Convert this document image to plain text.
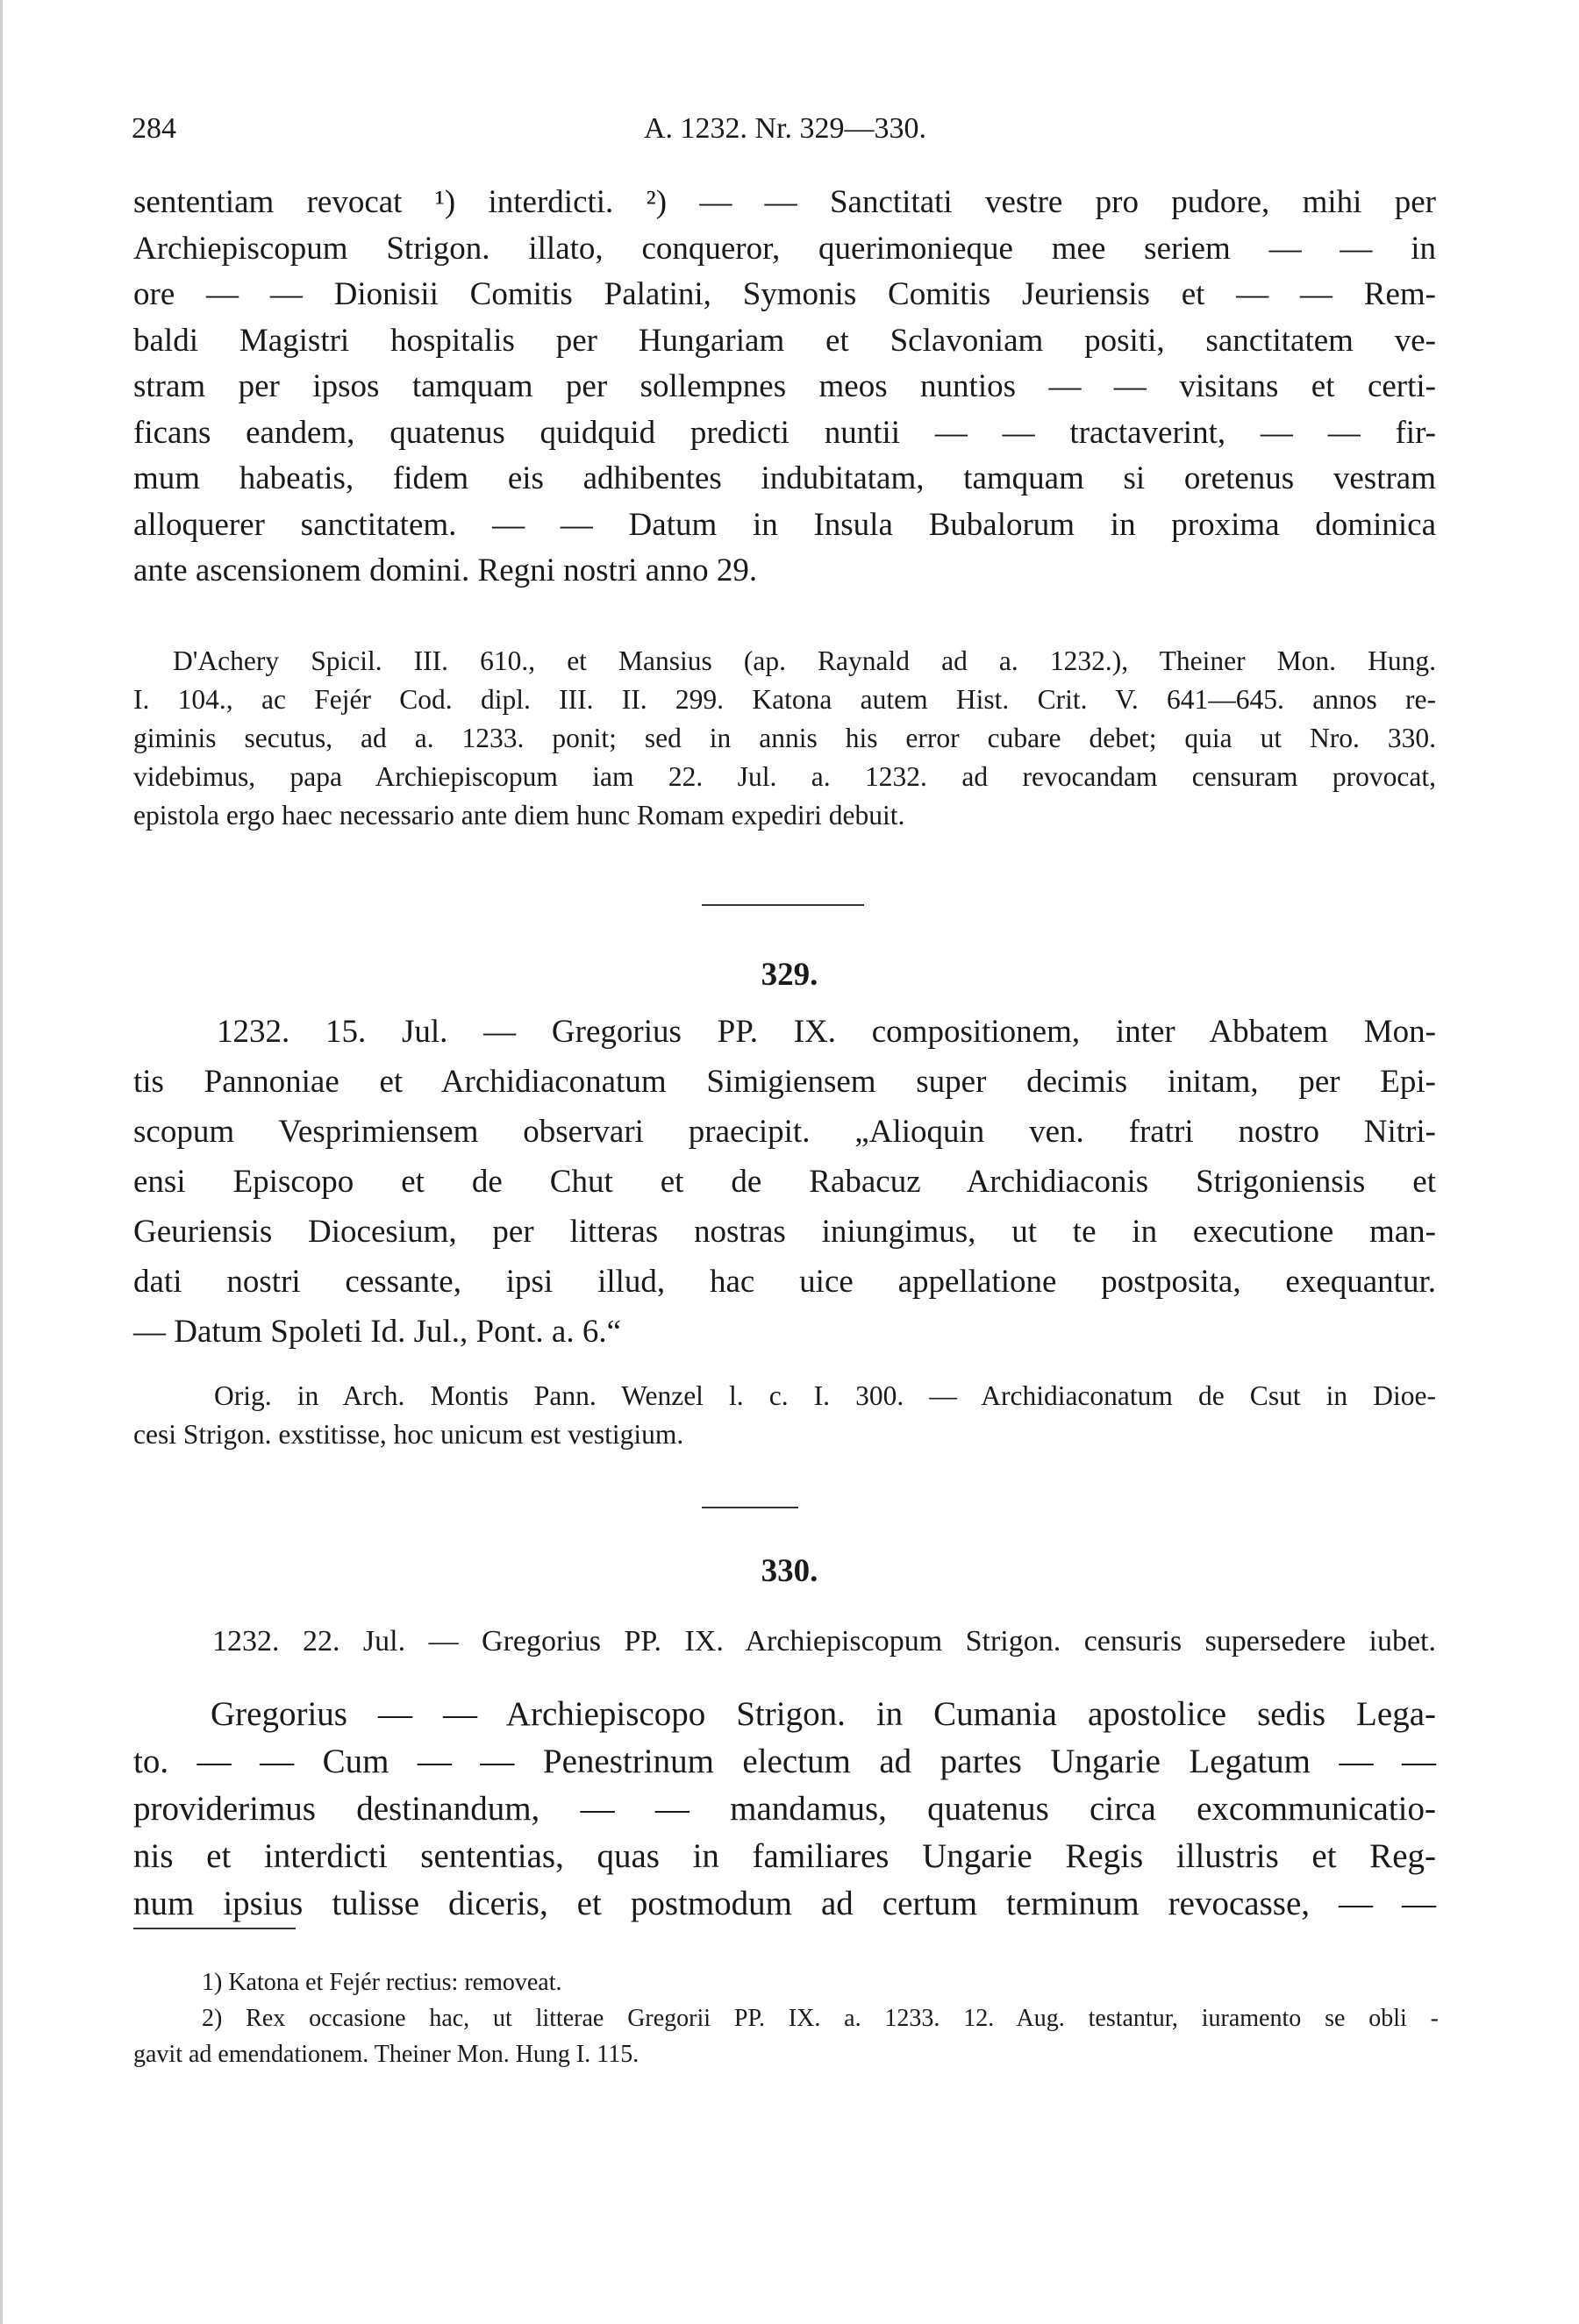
284	A. 1232. Nr. 329—330.
sententiam revocat ¹) interdicti. ²) — — Sanctitati vestre pro pudore, mihi per
Archiepiscopum Strigon. illato, conqueror, querimonieque mee seriem — — in
ore — — Dionisii Comitis Palatini, Symonis Comitis Jeuriensis et — — Rem-
baldi Magistri hospitalis per Hungariam et Sclavoniam positi, sanctitatem ve-
stram per ipsos tamquam per sollempnes meos nuntios — — visitans et certi-
ficans eandem, quatenus quidquid predicti nuntii — — tractaverint, — — fir-
mum habeatis, fidem eis adhibentes indubitatam, tamquam si oretenus vestram
alloquerer sanctitatem. — — Datum in Insula Bubalorum in proxima dominica
ante ascensionem domini. Regni nostri anno 29.
D'Achery Spicil. III. 610., et Mansius (ap. Raynald ad a. 1232.), Theiner Mon. Hung.
I. 104., ac Fejér Cod. dipl. III. II. 299. Katona autem Hist. Crit. V. 641—645. annos re-
giminis secutus, ad a. 1233. ponit; sed in annis his error cubare debet; quia ut Nro. 330.
videbimus, papa Archiepiscopum iam 22. Jul. a. 1232. ad revocandam censuram provocat,
epistola ergo haec necessario ante diem hunc Romam expediri debuit.
329.
1232. 15. Jul. — Gregorius PP. IX. compositionem, inter Abbatem Mon-
tis Pannoniae et Archidiaconatum Simigiensem super decimis initam, per Epi-
scopum Vesprimiensem observari praecipit. „Alioquin ven. fratri nostro Nitri-
ensi Episcopo et de Chut et de Rabacuz Archidiaconis Strigoniensis et
Geuriensis Diocesium, per litteras nostras iniungimus, ut te in executione man-
dati nostri cessante, ipsi illud, hac uice appellatione postposita, exequantur.
— Datum Spoleti Id. Jul., Pont. a. 6.“
Orig. in Arch. Montis Pann. Wenzel l. c. I. 300. — Archidiaconatum de Csut in Dioe-
cesi Strigon. exstitisse, hoc unicum est vestigium.
330.
1232. 22. Jul. — Gregorius PP. IX. Archiepiscopum Strigon. censuris supersedere iubet.
Gregorius — — Archiepiscopo Strigon. in Cumania apostolice sedis Lega-
to. — — Cum — — Penestrinum electum ad partes Ungarie Legatum — —
providerimus destinandum, — — mandamus, quatenus circa excommunicatio-
nis et interdicti sententias, quas in familiares Ungarie Regis illustris et Reg-
num ipsius tulisse diceris, et postmodum ad certum terminum revocasse, — —
1) Katona et Fejér rectius: removeat.
2) Rex occasione hac, ut litterae Gregorii PP. IX. a. 1233. 12. Aug. testantur, iuramento se obli -
gavit ad emendationem. Theiner Mon. Hung I. 115.
